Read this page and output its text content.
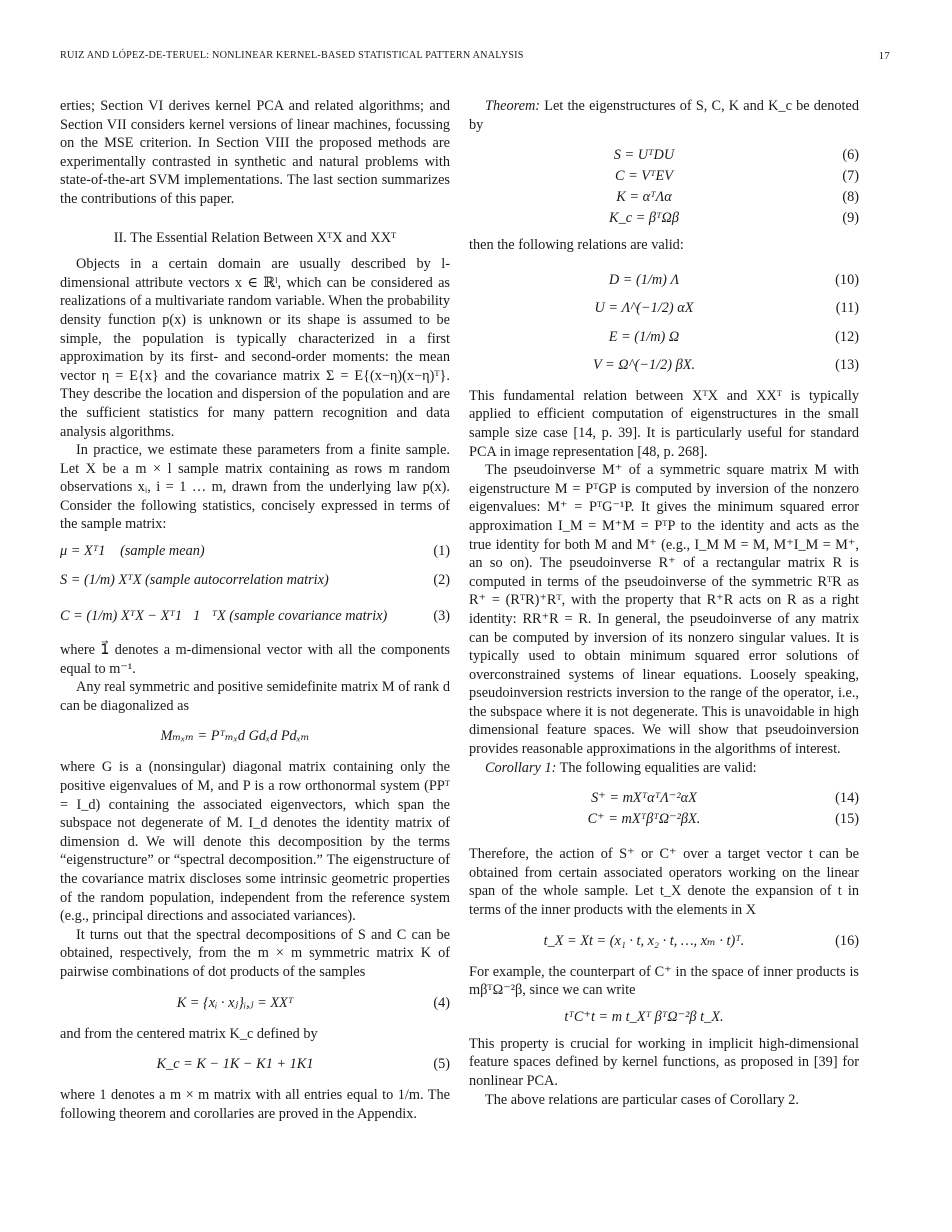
RUIZ AND LÓPEZ-DE-TERUEL: NONLINEAR KERNEL-BASED STATISTICAL PATTERN ANALYSIS	17

erties; Section VI derives kernel PCA and related algorithms; and Section VII considers kernel versions of linear machines, focussing on the MSE criterion. In Section VIII the proposed methods are experimentally contrasted in synthetic and natural problems with state-of-the-art SVM implementations. The last section summarizes the contributions of this paper.

II. The Essential Relation Between XᵀX and XXᵀ

Objects in a certain domain are usually described by l-dimensional attribute vectors x ∈ ℝˡ, which can be considered as realizations of a multivariate random variable. When the probability density function p(x) is unknown or its shape is assumed to be simple, the population is typically characterized in a first approximation by its first- and second-order moments: the mean vector η = E{x} and the covariance matrix Σ = E{(x−η)(x−η)ᵀ}. They describe the location and dispersion of the population and are the sufficient statistics for many pattern recognition and data analysis algorithms.

In practice, we estimate these parameters from a finite sample. Let X be a m × l sample matrix containing as rows m random observations xᵢ, i = 1 … m, drawn from the underlying law p(x). Consider the following statistics, concisely expressed in terms of the sample matrix:

μ = Xᵀ1⃗ (sample mean)	(1)
S = (1/m) XᵀX (sample autocorrelation matrix)	(2)
C = (1/m) XᵀX − Xᵀ1⃗1⃗ᵀX (sample covariance matrix)	(3)

where 1⃗ denotes a m-dimensional vector with all the components equal to m⁻¹.

Any real symmetric and positive semidefinite matrix M of rank d can be diagonalized as

Mₘₓₘ = Pᵀₘₓd Gdₓd Pdₓₘ

where G is a (nonsingular) diagonal matrix containing only the positive eigenvalues of M, and P is a row orthonormal system (PPᵀ = I_d) containing the associated eigenvectors, which span the subspace not degenerate of M. I_d denotes the identity matrix of dimension d. We will denote this decomposition by the terms “eigenstructure” or “spectral decomposition.” The eigenstructure of the covariance matrix discloses some intrinsic geometric properties of the random population, independent from the reference system (e.g., principal directions and associated variances).

It turns out that the spectral decompositions of S and C can be obtained, respectively, from the m × m symmetric matrix K of pairwise combinations of dot products of the samples

K = {xᵢ · xⱼ}ᵢ,ⱼ = XXᵀ	(4)

and from the centered matrix K_c defined by

K_c = K − 1K − K1 + 1K1	(5)

where 1 denotes a m × m matrix with all entries equal to 1/m. The following theorem and corollaries are proved in the Appendix.

Theorem: Let the eigenstructures of S, C, K and K_c be denoted by

S = UᵀDU	(6)
C = VᵀEV	(7)
K = αᵀΛα	(8)
K_c = βᵀΩβ	(9)

then the following relations are valid:

D = (1/m) Λ	(10)
U = Λ^(−1/2) αX	(11)
E = (1/m) Ω	(12)
V = Ω^(−1/2) βX.	(13)

This fundamental relation between XᵀX and XXᵀ is typically applied to efficient computation of eigenstructures in the small sample size case [14, p. 39]. It is particularly useful for standard PCA in image representation [48, p. 268].

The pseudoinverse M⁺ of a symmetric square matrix M with eigenstructure M = PᵀGP is computed by inversion of the nonzero eigenvalues: M⁺ = PᵀG⁻¹P. It gives the minimum squared error approximation I_M = M⁺M = PᵀP to the identity and acts as the true identity for both M and M⁺ (e.g., I_M M = M, M⁺I_M = M⁺, an so on). The pseudoinverse R⁺ of a rectangular matrix R is computed in terms of the pseudoinverse of the symmetric RᵀR as R⁺ = (RᵀR)⁺Rᵀ, with the property that R⁺R acts on R as a right identity: RR⁺R = R. In general, the pseudoinverse of any matrix can be computed by inversion of its nonzero singular values. It is typically used to obtain minimum squared error solutions of overconstrained systems of linear equations. Loosely speaking, pseudoinversion restricts inversion to the range of the operator, i.e., the subspace where it is not degenerate. This is unavoidable in high dimensional feature spaces. We will show that pseudoinversion provides reasonable approximations in the algorithms of interest.

Corollary 1: The following equalities are valid:

S⁺ = mXᵀαᵀΛ⁻²αX	(14)
C⁺ = mXᵀβᵀΩ⁻²βX.	(15)

Therefore, the action of S⁺ or C⁺ over a target vector t can be obtained from certain associated operators working on the linear span of the whole sample. Let t_X denote the expansion of t in terms of the inner products with the elements in X

t_X = Xt = (x₁ · t, x₂ · t, …, xₘ · t)ᵀ.	(16)

For example, the counterpart of C⁺ in the space of inner products is mβᵀΩ⁻²β, since we can write

tᵀC⁺t = m t_Xᵀ βᵀΩ⁻²β t_X.

This property is crucial for working in implicit high-dimensional feature spaces defined by kernel functions, as proposed in [39] for nonlinear PCA.

The above relations are particular cases of Corollary 2.
